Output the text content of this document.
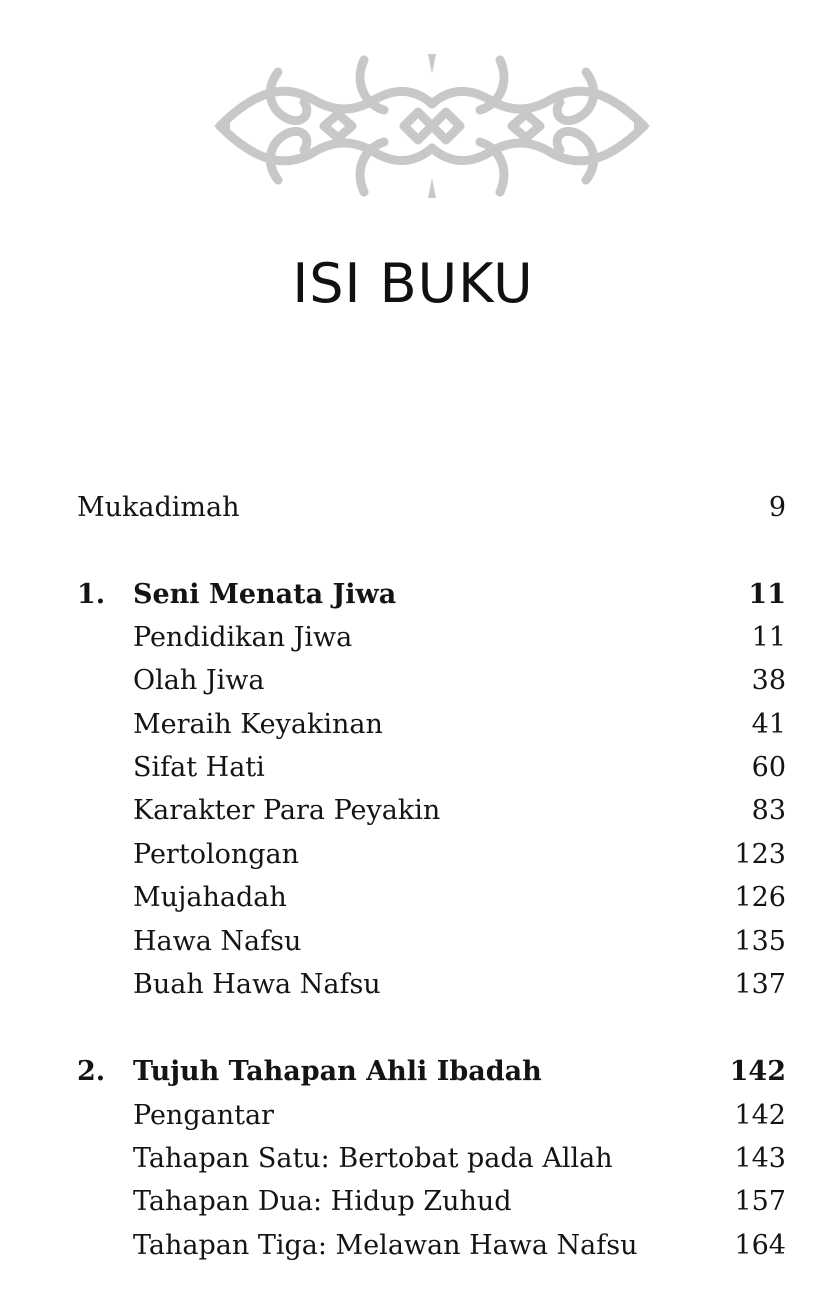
ISI BUKU
Mukadimah	9
1. Seni Menata Jiwa	11
Pendidikan Jiwa	11
Olah Jiwa	38
Meraih Keyakinan	41
Sifat Hati	60
Karakter Para Peyakin	83
Pertolongan	123
Mujahadah	126
Hawa Nafsu	135
Buah Hawa Nafsu	137
2. Tujuh Tahapan Ahli Ibadah	142
Pengantar	142
Tahapan Satu: Bertobat pada Allah	143
Tahapan Dua: Hidup Zuhud	157
Tahapan Tiga: Melawan Hawa Nafsu	164
